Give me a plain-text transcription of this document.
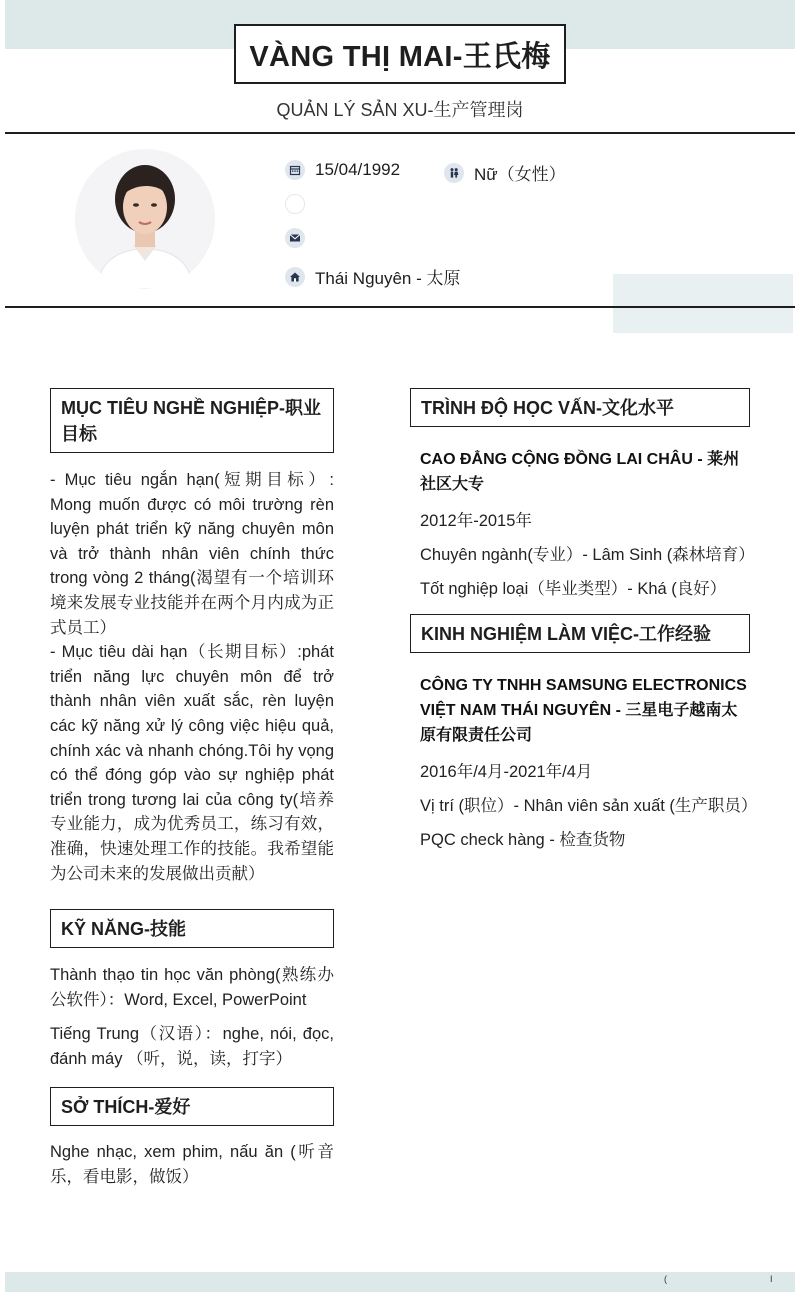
VÀNG THỊ MAI-王氏梅
QUẢN LÝ SẢN XU-生产管理岗
15/04/1992	Nữ（女性）
Thái Nguyên - 太原
MỤC TIÊU NGHỀ NGHIỆP-职业目标
- Mục tiêu ngắn hạn(短期目标）: Mong muốn được có môi trường rèn luyện phát triển kỹ năng chuyên môn và trở thành nhân viên chính thức trong vòng 2 tháng(渴望有一个培训环境来发展专业技能并在两个月内成为正式员工）
- Mục tiêu dài hạn（长期目标）:phát triển năng lực chuyên môn để trở thành nhân viên xuất sắc, rèn luyện các kỹ năng xử lý công việc hiệu quả, chính xác và nhanh chóng.Tôi hy vọng có thể đóng góp vào sự nghiệp phát triển trong tương lai của công ty(培养专业能力，成为优秀员工，练习有效，准确，快速处理工作的技能。我希望能为公司未来的发展做出贡献）
KỸ NĂNG-技能
Thành thạo tin học văn phòng(熟练办公软件）：Word, Excel, PowerPoint
Tiếng Trung（汉语）：nghe, nói, đọc, đánh máy （听，说，读，打字）
SỞ THÍCH-爱好
Nghe nhạc, xem phim, nấu ăn (听音乐，看电影，做饭）
TRÌNH ĐỘ HỌC VẤN-文化水平
CAO ĐẲNG CỘNG ĐỒNG LAI CHÂU - 莱州社区大专
2012年-2015年
Chuyên ngành(专业）- Lâm Sinh (森林培育）
Tốt nghiệp loại（毕业类型）- Khá (良好）
KINH NGHIỆM LÀM VIỆC-工作经验
CÔNG TY TNHH SAMSUNG ELECTRONICS VIỆT NAM THÁI NGUYÊN - 三星电子越南太原有限责任公司
2016年/4月-2021年/4月
Vị trí (职位）- Nhân viên sản xuất (生产职员）
PQC check hàng - 检查货物
(	I
